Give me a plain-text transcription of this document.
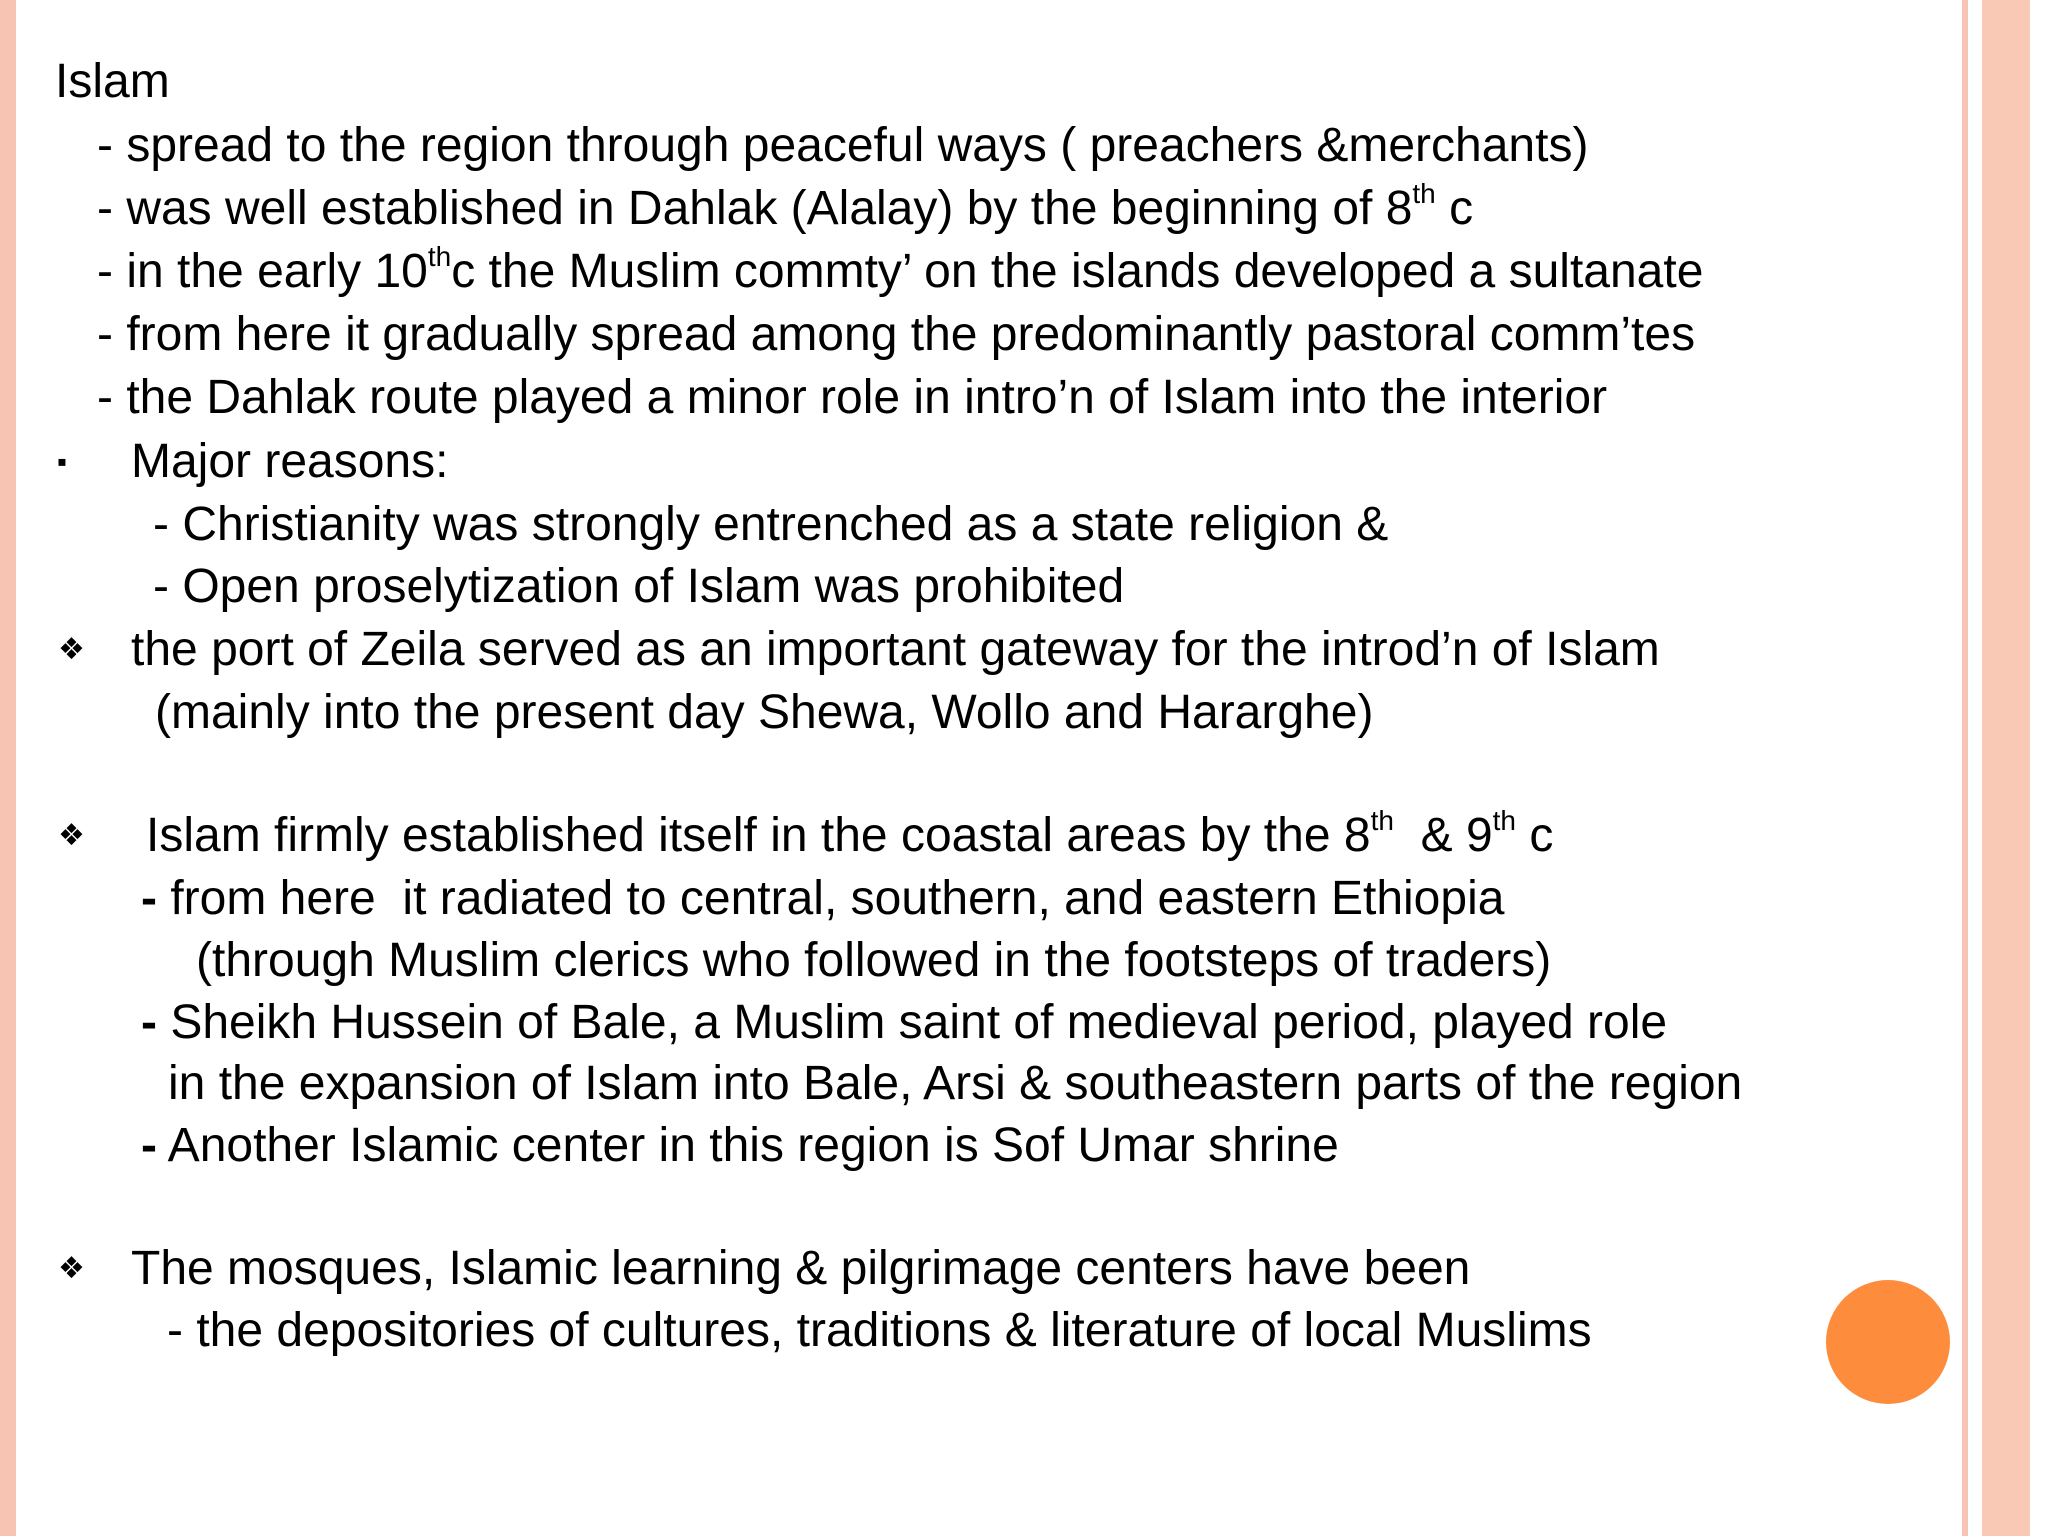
Islam
- spread to the region through peaceful ways ( preachers &merchants)
- was well established in Dahlak (Alalay) by the beginning of 8th c
- in the early 10thc the Muslim commty’ on the islands developed a sultanate
- from here it gradually spread among the predominantly pastoral comm’tes
- the Dahlak route played a minor role in intro’n of Islam into the interior
▪ Major reasons:
- Christianity was strongly entrenched as a state religion &
- Open proselytization of Islam was prohibited
❖ the port of Zeila served as an important gateway for the introd’n of Islam
(mainly into the present day Shewa, Wollo and Hararghe)
❖ Islam firmly established itself in the coastal areas by the 8th  & 9th c
- from here  it radiated to central, southern, and eastern Ethiopia
(through Muslim clerics who followed in the footsteps of traders)
- Sheikh Hussein of Bale, a Muslim saint of medieval period, played role
in the expansion of Islam into Bale, Arsi & southeastern parts of the region
- Another Islamic center in this region is Sof Umar shrine
❖ The mosques, Islamic learning & pilgrimage centers have been
- the depositories of cultures, traditions & literature of local Muslims
